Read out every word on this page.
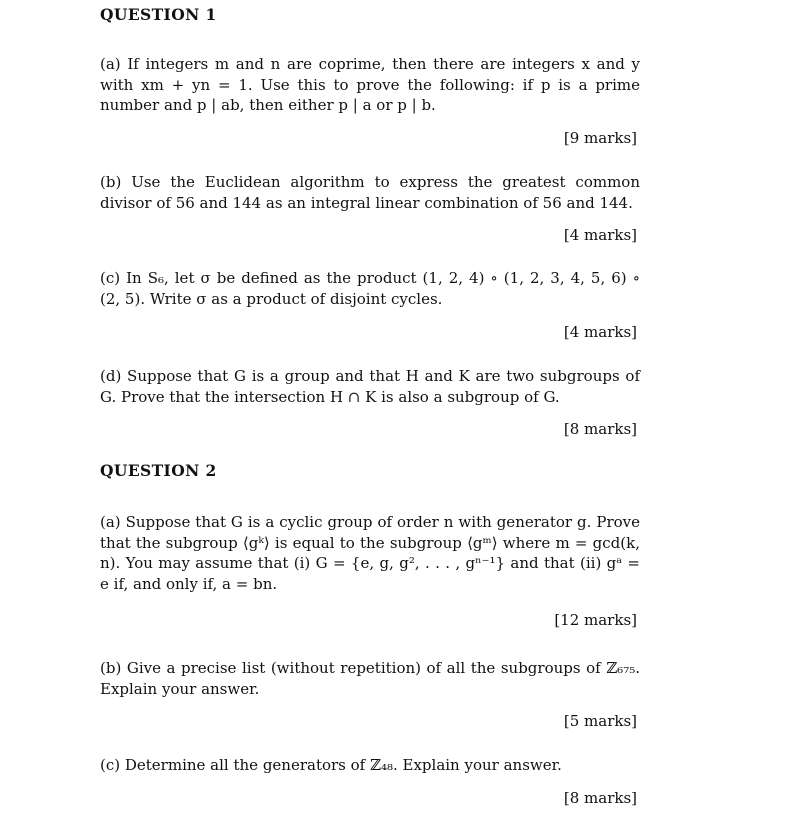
QUESTION 1

(a) If integers m and n are coprime, then there are integers x and y with xm + yn = 1. Use this to prove the following: if p is a prime number and p | ab, then either p | a or p | b.

[9 marks]

(b) Use the Euclidean algorithm to express the greatest common divisor of 56 and 144 as an integral linear combination of 56 and 144.

[4 marks]

(c) In S₆, let σ be defined as the product (1, 2, 4) ∘ (1, 2, 3, 4, 5, 6) ∘ (2, 5). Write σ as a product of disjoint cycles.

[4 marks]

(d) Suppose that G is a group and that H and K are two subgroups of G. Prove that the intersection H ∩ K is also a subgroup of G.

[8 marks]

QUESTION 2

(a) Suppose that G is a cyclic group of order n with generator g. Prove that the subgroup ⟨gᵏ⟩ is equal to the subgroup ⟨gᵐ⟩ where m = gcd(k, n). You may assume that (i) G = {e, g, g², . . . , gⁿ⁻¹} and that (ii) gᵃ = e if, and only if, a = bn.

[12 marks]

(b) Give a precise list (without repetition) of all the subgroups of ℤ₆₇₅. Explain your answer.

[5 marks]

(c) Determine all the generators of ℤ₄₈. Explain your answer.

[8 marks]
